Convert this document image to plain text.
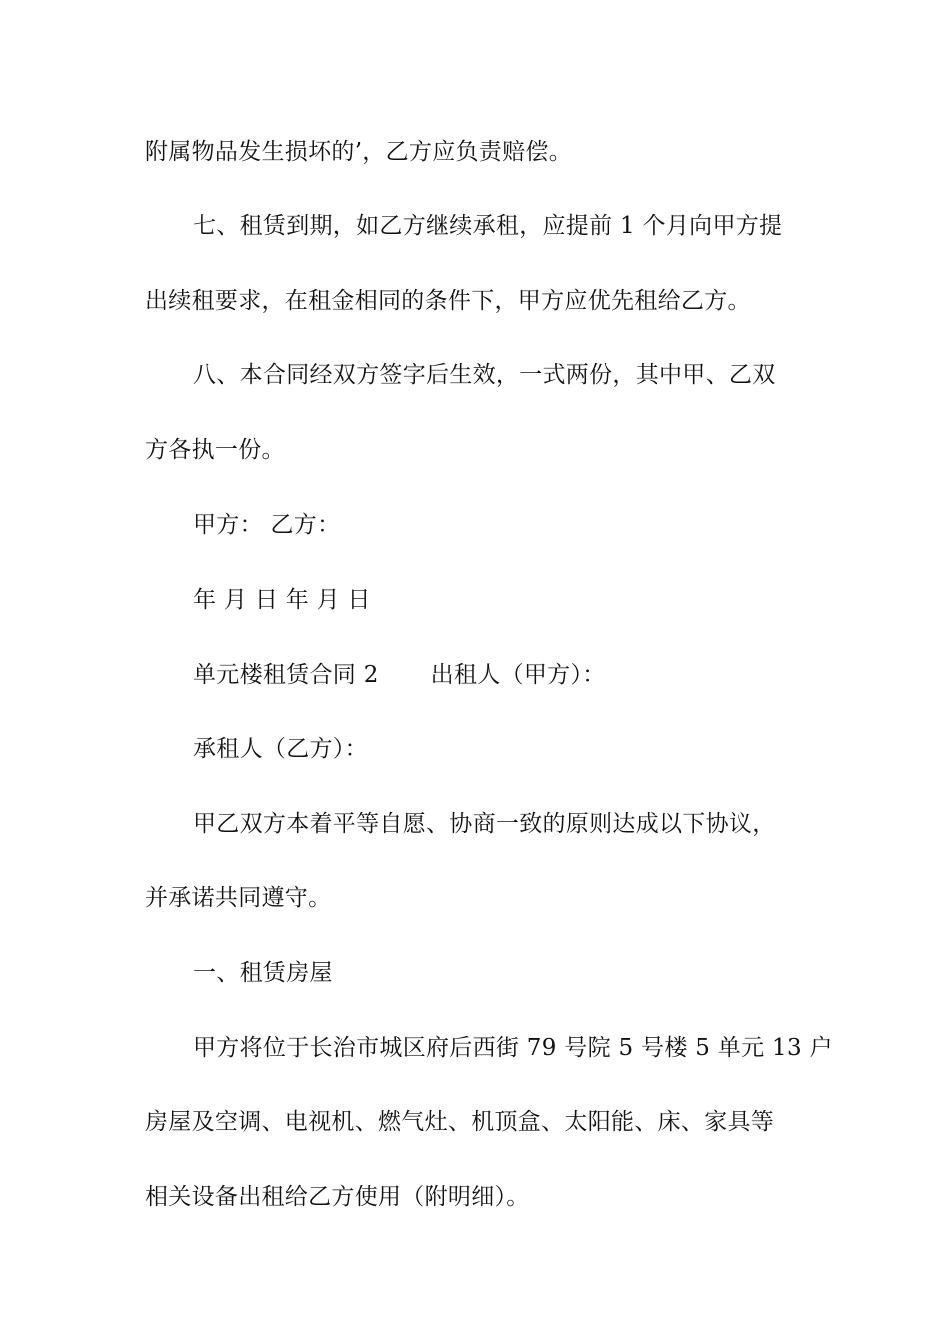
附属物品发生损坏的’，乙方应负责赔偿。
七、租赁到期，如乙方继续承租，应提前 1 个月向甲方提
出续租要求，在租金相同的条件下，甲方应优先租给乙方。
八、本合同经双方签字后生效，一式两份，其中甲、乙双
方各执一份。
甲方： 乙方：
年 月 日 年 月 日
单元楼租赁合同 2 出租人（甲方）：
承租人（乙方）：
甲乙双方本着平等自愿、协商一致的原则达成以下协议，
并承诺共同遵守。
一、租赁房屋
甲方将位于长治市城区府后西街 79 号院 5 号楼 5 单元 13 户
房屋及空调、电视机、燃气灶、机顶盒、太阳能、床、家具等
相关设备出租给乙方使用（附明细）。
